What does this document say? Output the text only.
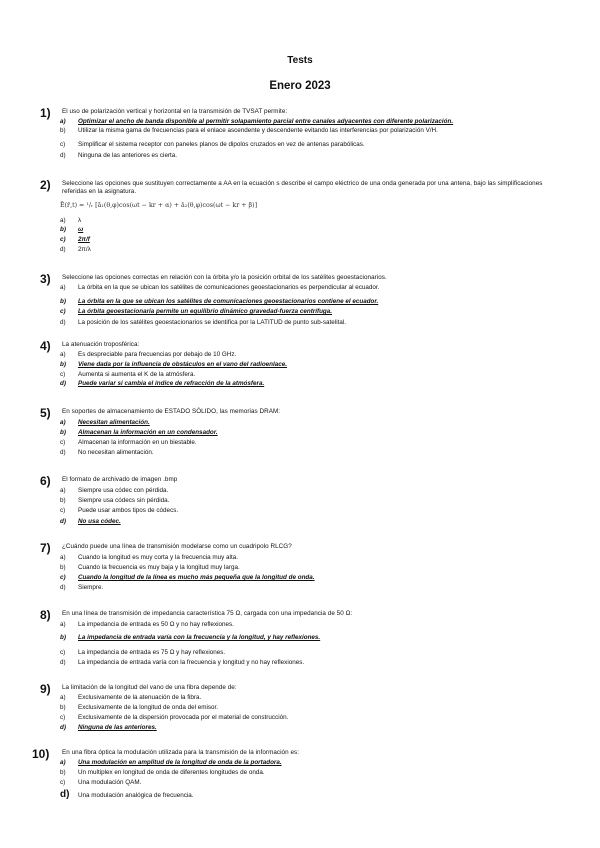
Tests
Enero 2023
1) El uso de polarización vertical y horizontal en la transmisión de TVSAT permite:
a) Optimizar el ancho de banda disponible al permitir solapamiento parcial entre canales adyacentes con diferente polarización.
b) Utilizar la misma gama de frecuencias para el enlace ascendente y descendente evitando las interferencias por polarización V/H.
c) Simplificar el sistema receptor con paneles planos de dipolos cruzados en vez de antenas parabólicas.
d) Ninguna de las anteriores es cierta.
2) Seleccione las opciones que sustituyen correctamente a AA en la ecuación s describe el campo eléctrico de una onda generada por una antena, bajo las simplificaciones referidas en la asignatura.
Ē(r̄,t) = ¹/ᵣ [ā₁(θ,φ)cos(ωt − kr + α) + ā₂(θ,φ)cos(ωt − kr + β)]
a) λ
b) ω
c) 2π/f
d) 2π/λ
3) Seleccione las opciones correctas en relación con la órbita y/o la posición orbital de los satélites geoestacionarios.
a) La órbita en la que se ubican los satélites de comunicaciones geoestacionarios es perpendicular al ecuador.
b) La órbita en la que se ubican los satélites de comunicaciones geoestacionarios contiene el ecuador.
c) La órbita geoestacionaria permite un equilibrio dinámico gravedad-fuerza centrífuga.
d) La posición de los satélites geoestacionarios se identifica por la LATITUD de punto sub-satelital.
4) La atenuación troposférica:
a) Es despreciable para frecuencias por debajo de 10 GHz.
b) Viene dada por la influencia de obstáculos en el vano del radioenlace.
c) Aumenta si aumenta el K de la atmósfera.
d) Puede variar si cambia el índice de refracción de la atmósfera.
5) En soportes de almacenamiento de ESTADO SÓLIDO, las memorias DRAM:
a) Necesitan alimentación.
b) Almacenan la información en un condensador.
c) Almacenan la información en un biestable.
d) No necesitan alimentación.
6) El formato de archivado de imagen .bmp
a) Siempre usa códec con pérdida.
b) Siempre usa códecs sin pérdida.
c) Puede usar ambos tipos de códecs.
d) No usa códec.
7) ¿Cuándo puede una línea de transmisión modelarse como un cuadripolo RLCG?
a) Cuando la longitud es muy corta y la frecuencia muy alta.
b) Cuando la frecuencia es muy baja y la longitud muy larga.
c) Cuando la longitud de la línea es mucho más pequeña que la longitud de onda.
d) Siempre.
8) En una línea de transmisión de impedancia característica 75 Ω, cargada con una impedancia de 50 Ω:
a) La impedancia de entrada es 50 Ω y no hay reflexiones.
b) La impedancia de entrada varía con la frecuencia y la longitud, y hay reflexiones.
c) La impedancia de entrada es 75 Ω y hay reflexiones.
d) La impedancia de entrada varía con la frecuencia y longitud y no hay reflexiones.
9) La limitación de la longitud del vano de una fibra depende de:
a) Exclusivamente de la atenuación de la fibra.
b) Exclusivamente de la longitud de onda del emisor.
c) Exclusivamente de la dispersión provocada por el material de construcción.
d) Ninguna de las anteriores.
10) En una fibra óptica la modulación utilizada para la transmisión de la información es:
a) Una modulación en amplitud de la longitud de onda de la portadora.
b) Un multiplex en longitud de onda de diferentes longitudes de onda.
c) Una modulación QAM.
d) Una modulación analógica de frecuencia.
